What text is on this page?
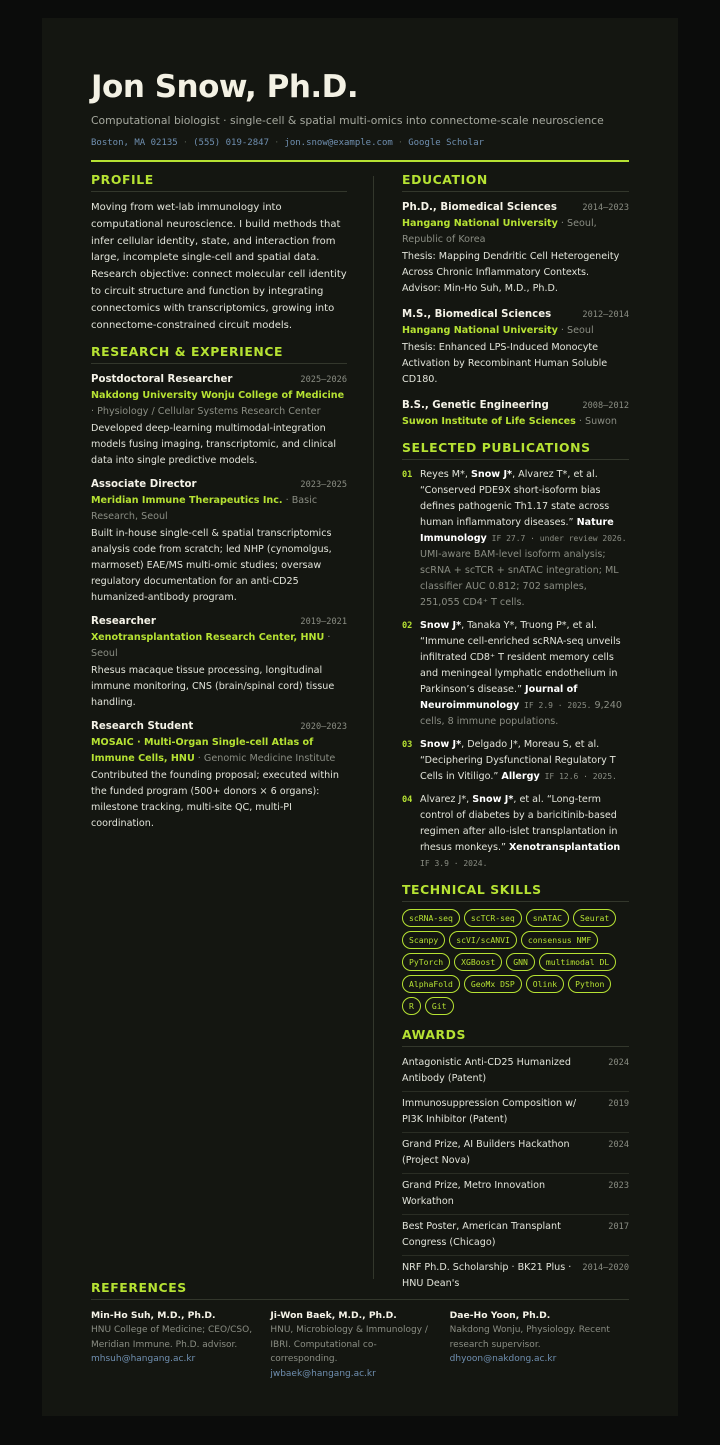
Jon Snow, Ph.D.
Computational biologist · single-cell & spatial multi-omics into connectome-scale neuroscience
Boston, MA 02135 · (555) 019-2847 · jon.snow@example.com · Google Scholar
PROFILE
Moving from wet-lab immunology into computational neuroscience. I build methods that infer cellular identity, state, and interaction from large, incomplete single-cell and spatial data. Research objective: connect molecular cell identity to circuit structure and function by integrating connectomics with transcriptomics, growing into connectome-constrained circuit models.
RESEARCH & EXPERIENCE
Postdoctoral Researcher	2025–2026
Nakdong University Wonju College of Medicine · Physiology / Cellular Systems Research Center
Developed deep-learning multimodal-integration models fusing imaging, transcriptomic, and clinical data into single predictive models.
Associate Director	2023–2025
Meridian Immune Therapeutics Inc. · Basic Research, Seoul
Built in-house single-cell & spatial transcriptomics analysis code from scratch; led NHP (cynomolgus, marmoset) EAE/MS multi-omic studies; oversaw regulatory documentation for an anti-CD25 humanized-antibody program.
Researcher	2019–2021
Xenotransplantation Research Center, HNU · Seoul
Rhesus macaque tissue processing, longitudinal immune monitoring, CNS (brain/spinal cord) tissue handling.
Research Student	2020–2023
MOSAIC · Multi-Organ Single-cell Atlas of Immune Cells, HNU · Genomic Medicine Institute
Contributed the founding proposal; executed within the funded program (500+ donors × 6 organs): milestone tracking, multi-site QC, multi-PI coordination.
EDUCATION
Ph.D., Biomedical Sciences	2014–2023
Hangang National University · Seoul, Republic of Korea
Thesis: Mapping Dendritic Cell Heterogeneity Across Chronic Inflammatory Contexts. Advisor: Min-Ho Suh, M.D., Ph.D.
M.S., Biomedical Sciences	2012–2014
Hangang National University · Seoul
Thesis: Enhanced LPS-Induced Monocyte Activation by Recombinant Human Soluble CD180.
B.S., Genetic Engineering	2008–2012
Suwon Institute of Life Sciences · Suwon
SELECTED PUBLICATIONS
01 Reyes M*, Snow J*, Alvarez T*, et al. “Conserved PDE9X short-isoform bias defines pathogenic Th1.17 state across human inflammatory diseases.” Nature Immunology IF 27.7 · under review 2026. UMI-aware BAM-level isoform analysis; scRNA + scTCR + snATAC integration; ML classifier AUC 0.812; 702 samples, 251,055 CD4⁺ T cells.
02 Snow J*, Tanaka Y*, Truong P*, et al. “Immune cell-enriched scRNA-seq unveils infiltrated CD8⁺ T resident memory cells and meningeal lymphatic endothelium in Parkinson’s disease.” Journal of Neuroimmunology IF 2.9 · 2025. 9,240 cells, 8 immune populations.
03 Snow J*, Delgado J*, Moreau S, et al. “Deciphering Dysfunctional Regulatory T Cells in Vitiligo.” Allergy IF 12.6 · 2025.
04 Alvarez J*, Snow J*, et al. “Long-term control of diabetes by a baricitinib-based regimen after allo-islet transplantation in rhesus monkeys.” Xenotransplantation IF 3.9 · 2024.
TECHNICAL SKILLS
scRNA-seq	scTCR-seq	snATAC	Seurat
Scanpy	scVI/scANVI	consensus NMF
PyTorch	XGBoost	GNN	multimodal DL
AlphaFold	GeoMx DSP	Olink	Python
R	Git
AWARDS
Antagonistic Anti-CD25 Humanized Antibody (Patent)
2024
Immunosuppression Composition w/ PI3K Inhibitor (Patent)
2019
Grand Prize, AI Builders Hackathon (Project Nova)
2024
Grand Prize, Metro Innovation Workathon
2023
Best Poster, American Transplant Congress (Chicago)
2017
NRF Ph.D. Scholarship · BK21 Plus · HNU Dean's
2014–2020
REFERENCES
Min-Ho Suh, M.D., Ph.D.
HNU College of Medicine; CEO/CSO, Meridian Immune. Ph.D. advisor.
mhsuh@hangang.ac.kr
Ji-Won Baek, M.D., Ph.D.
HNU, Microbiology & Immunology / IBRI. Computational co-corresponding.
jwbaek@hangang.ac.kr
Dae-Ho Yoon, Ph.D.
Nakdong Wonju, Physiology. Recent research supervisor.
dhyoon@nakdong.ac.kr
